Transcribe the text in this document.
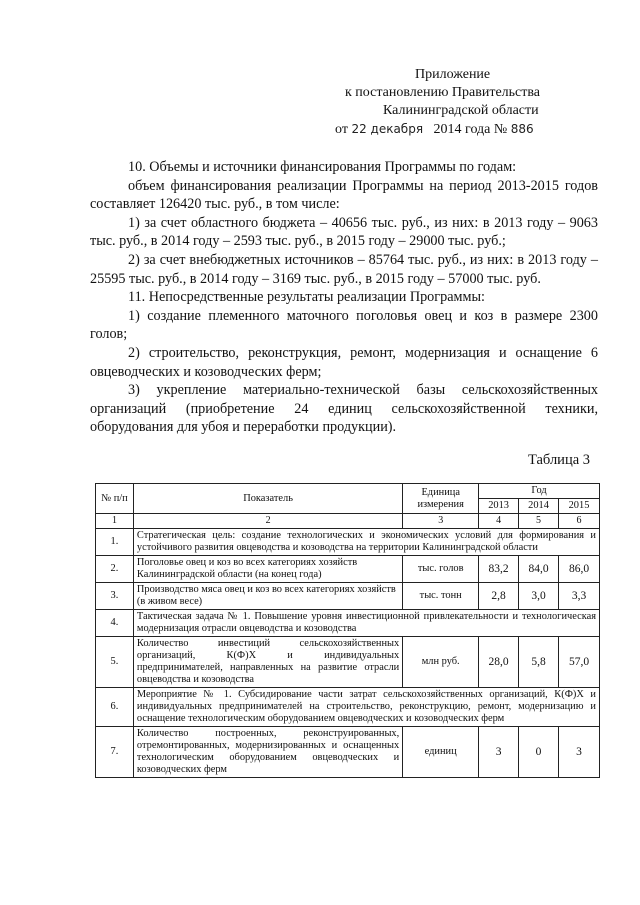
Приложение
к постановлению Правительства
Калининградской области
от 22 декабря 2014 года № 886

10. Объемы и источники финансирования Программы по годам:

объем финансирования реализации Программы на период 2013-2015 годов составляет 126420 тыс. руб., в том числе:

1) за счет областного бюджета – 40656 тыс. руб., из них: в 2013 году – 9063 тыс. руб., в 2014 году – 2593 тыс. руб., в 2015 году – 29000 тыс. руб.;

2) за счет внебюджетных источников – 85764 тыс. руб., из них: в 2013 году – 25595 тыс. руб., в 2014 году – 3169 тыс. руб., в 2015 году – 57000 тыс. руб.

11. Непосредственные результаты реализации Программы:

1) создание племенного маточного поголовья овец и коз в размере 2300 голов;

2) строительство, реконструкция, ремонт, модернизация и оснащение 6 овцеводческих и козоводческих ферм;

3) укрепление материально-технической базы сельскохозяйственных организаций (приобретение 24 единиц сельскохозяйственной техники, оборудования для убоя и переработки продукции).

Таблица 3
№ п/п	Показатель	Единица измерения	Год		
			2013	2014	2015
1	2	3	4	5	6
1.	Стратегическая цель: создание технологических и экономических условий для формирования и устойчивого развития овцеводства и козоводства на территории Калининградской области				
2.	Поголовье овец и коз во всех категориях хозяйств Калининградской области (на конец года)	тыс. голов	83,2	84,0	86,0
3.	Производство мяса овец и коз во всех категориях хозяйств (в живом весе)	тыс. тонн	2,8	3,0	3,3
4.	Тактическая задача № 1. Повышение уровня инвестиционной привлекательности и технологическая модернизация отрасли овцеводства и козоводства				
5.	Количество инвестиций сельскохозяйственных организаций, К(Ф)Х и индивидуальных предпринимателей, направленных на развитие отрасли овцеводства и козоводства	млн руб.	28,0	5,8	57,0
6.	Мероприятие № 1. Субсидирование части затрат сельскохозяйственных организаций, К(Ф)Х и индивидуальных предпринимателей на строительство, реконструкцию, ремонт, модернизацию и оснащение технологическим оборудованием овцеводческих и козоводческих ферм				
7.	Количество построенных, реконструированных, отремонтированных, модернизированных и оснащенных технологическим оборудованием овцеводческих и козоводческих ферм	единиц	3	0	3
